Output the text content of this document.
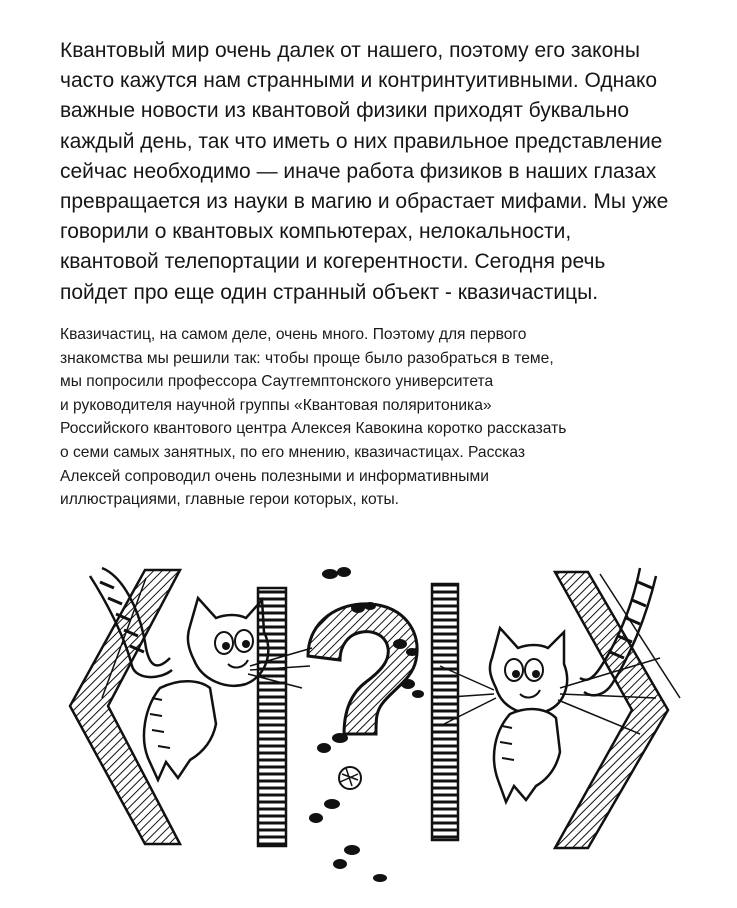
Квантовый мир очень далек от нашего, поэтому его законы
часто кажутся нам странными и контринтуитивными. Однако
важные новости из квантовой физики приходят буквально
каждый день, так что иметь о них правильное представление
сейчас необходимо — иначе работа физиков в наших глазах
превращается из науки в магию и обрастает мифами. Мы уже
говорили о квантовых компьютерах, нелокальности,
квантовой телепортации и когерентности. Сегодня речь
пойдет про еще один странный объект - квазичастицы.
Квазичастиц, на самом деле, очень много. Поэтому для первого
знакомства мы решили так: чтобы проще было разобраться в теме,
мы попросили профессора Саутгемптонского университета
и руководителя научной группы «Квантовая поляритоника»
Российского квантового центра Алексея Кавокина коротко рассказать
о семи самых занятных, по его мнению, квазичастицах. Рассказ
Алексей сопроводил очень полезными и информативными
иллюстрациями, главные герои которых, коты.
